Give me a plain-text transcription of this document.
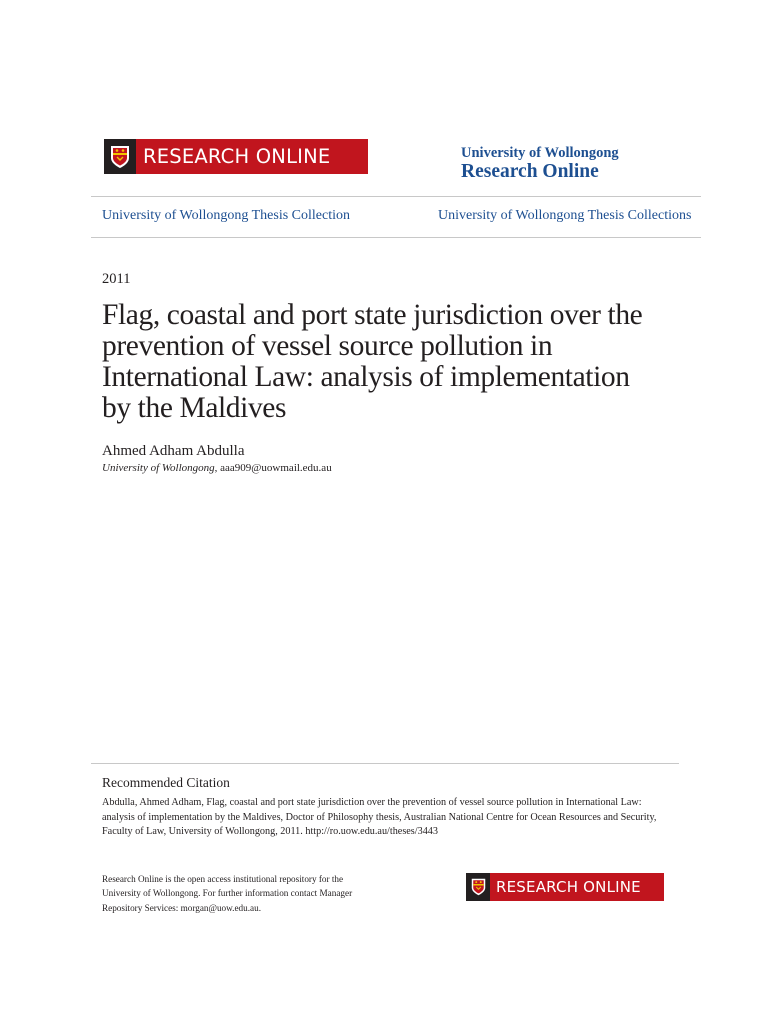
RESEARCH ONLINE	University of Wollongong
Research Online
University of Wollongong Thesis Collection	University of Wollongong Thesis Collections
2011
Flag, coastal and port state jurisdiction over the prevention of vessel source pollution in International Law: analysis of implementation by the Maldives
Ahmed Adham Abdulla
University of Wollongong, aaa909@uowmail.edu.au
Recommended Citation
Abdulla, Ahmed Adham, Flag, coastal and port state jurisdiction over the prevention of vessel source pollution in International Law: analysis of implementation by the Maldives, Doctor of Philosophy thesis, Australian National Centre for Ocean Resources and Security, Faculty of Law, University of Wollongong, 2011. http://ro.uow.edu.au/theses/3443
Research Online is the open access institutional repository for the
University of Wollongong. For further information contact Manager
Repository Services: morgan@uow.edu.au.
RESEARCH ONLINE
